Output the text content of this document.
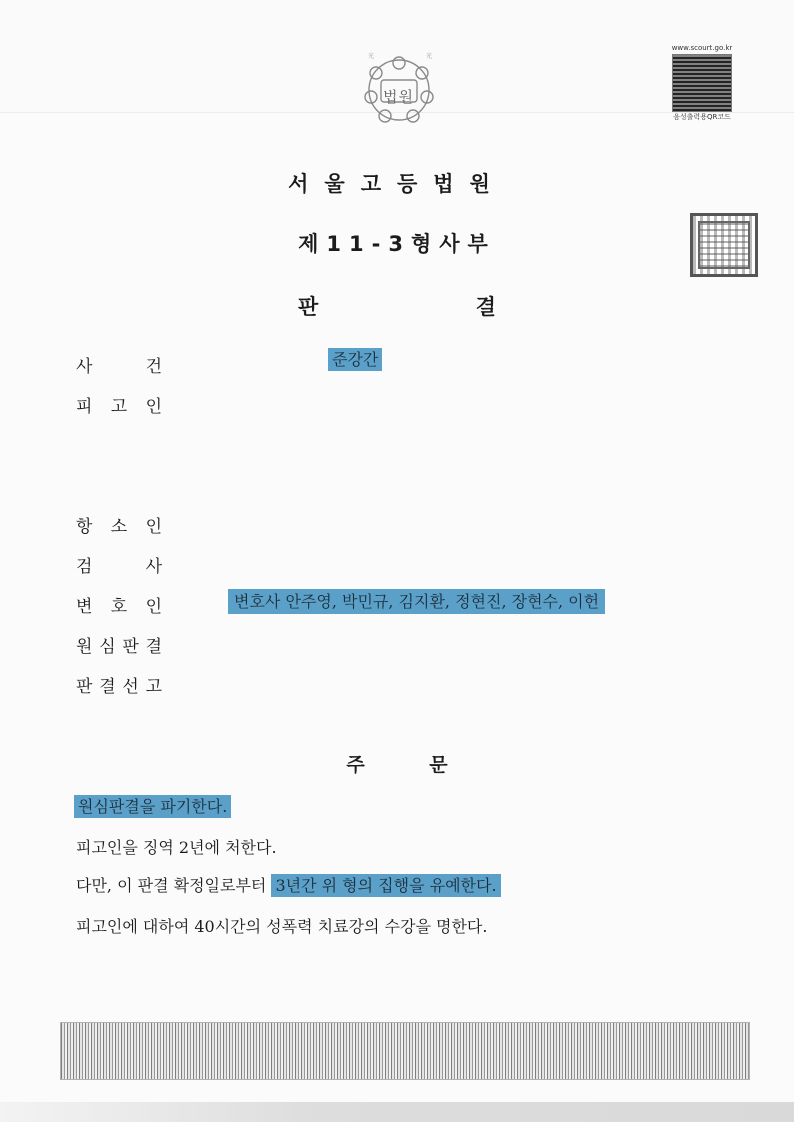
光	光
법원
www.scourt.go.kr
음성출력용QR코드
서울고등법원
제11-3형사부
판 결
사	건	준강간
피 고 인
항 소 인
검	사
변 호 인	변호사 안주영, 박민규, 김지환, 정현진, 장현수, 이헌
원 심 판 결
판 결 선 고
주 문
원심판결을 파기한다.
피고인을 징역 2년에 처한다.
다만, 이 판결 확정일로부터 3년간 위 형의 집행을 유예한다.
피고인에 대하여 40시간의 성폭력 치료강의 수강을 명한다.
